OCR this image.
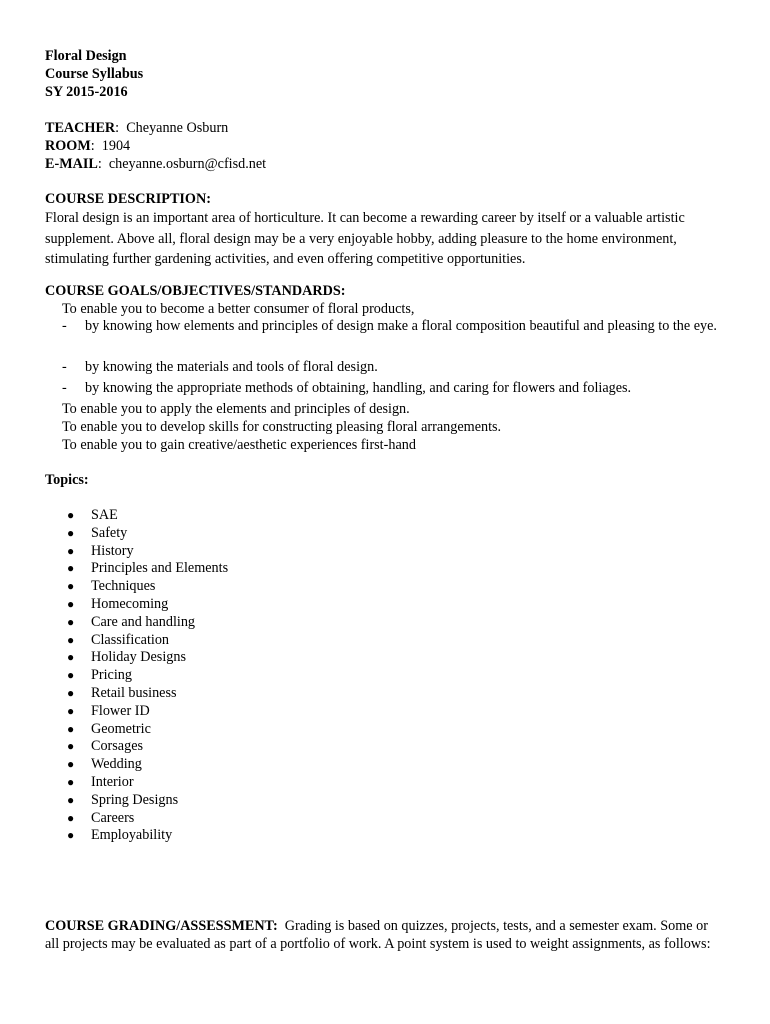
Floral Design
Course Syllabus
SY 2015-2016
TEACHER:  Cheyanne Osburn
ROOM:  1904
E-MAIL:  cheyanne.osburn@cfisd.net
COURSE DESCRIPTION:
Floral design is an important area of horticulture. It can become a rewarding career by itself or a valuable artistic supplement. Above all, floral design may be a very enjoyable hobby, adding pleasure to the home environment, stimulating further gardening activities, and even offering competitive opportunities.
COURSE GOALS/OBJECTIVES/STANDARDS:
To enable you to become a better consumer of floral products,
- by knowing how elements and principles of design make a floral composition beautiful and pleasing to the eye.
- by knowing the materials and tools of floral design.
- by knowing the appropriate methods of obtaining, handling, and caring for flowers and foliages.
To enable you to apply the elements and principles of design.
To enable you to develop skills for constructing pleasing floral arrangements.
To enable you to gain creative/aesthetic experiences first-hand
Topics:
● SAE
● Safety
● History
● Principles and Elements
● Techniques
● Homecoming
● Care and handling
● Classification
● Holiday Designs
● Pricing
● Retail business
● Flower ID
● Geometric
● Corsages
● Wedding
● Interior
● Spring Designs
● Careers
● Employability
COURSE GRADING/ASSESSMENT: Grading is based on quizzes, projects, tests, and a semester exam. Some or all projects may be evaluated as part of a portfolio of work. A point system is used to weight assignments, as follows:
